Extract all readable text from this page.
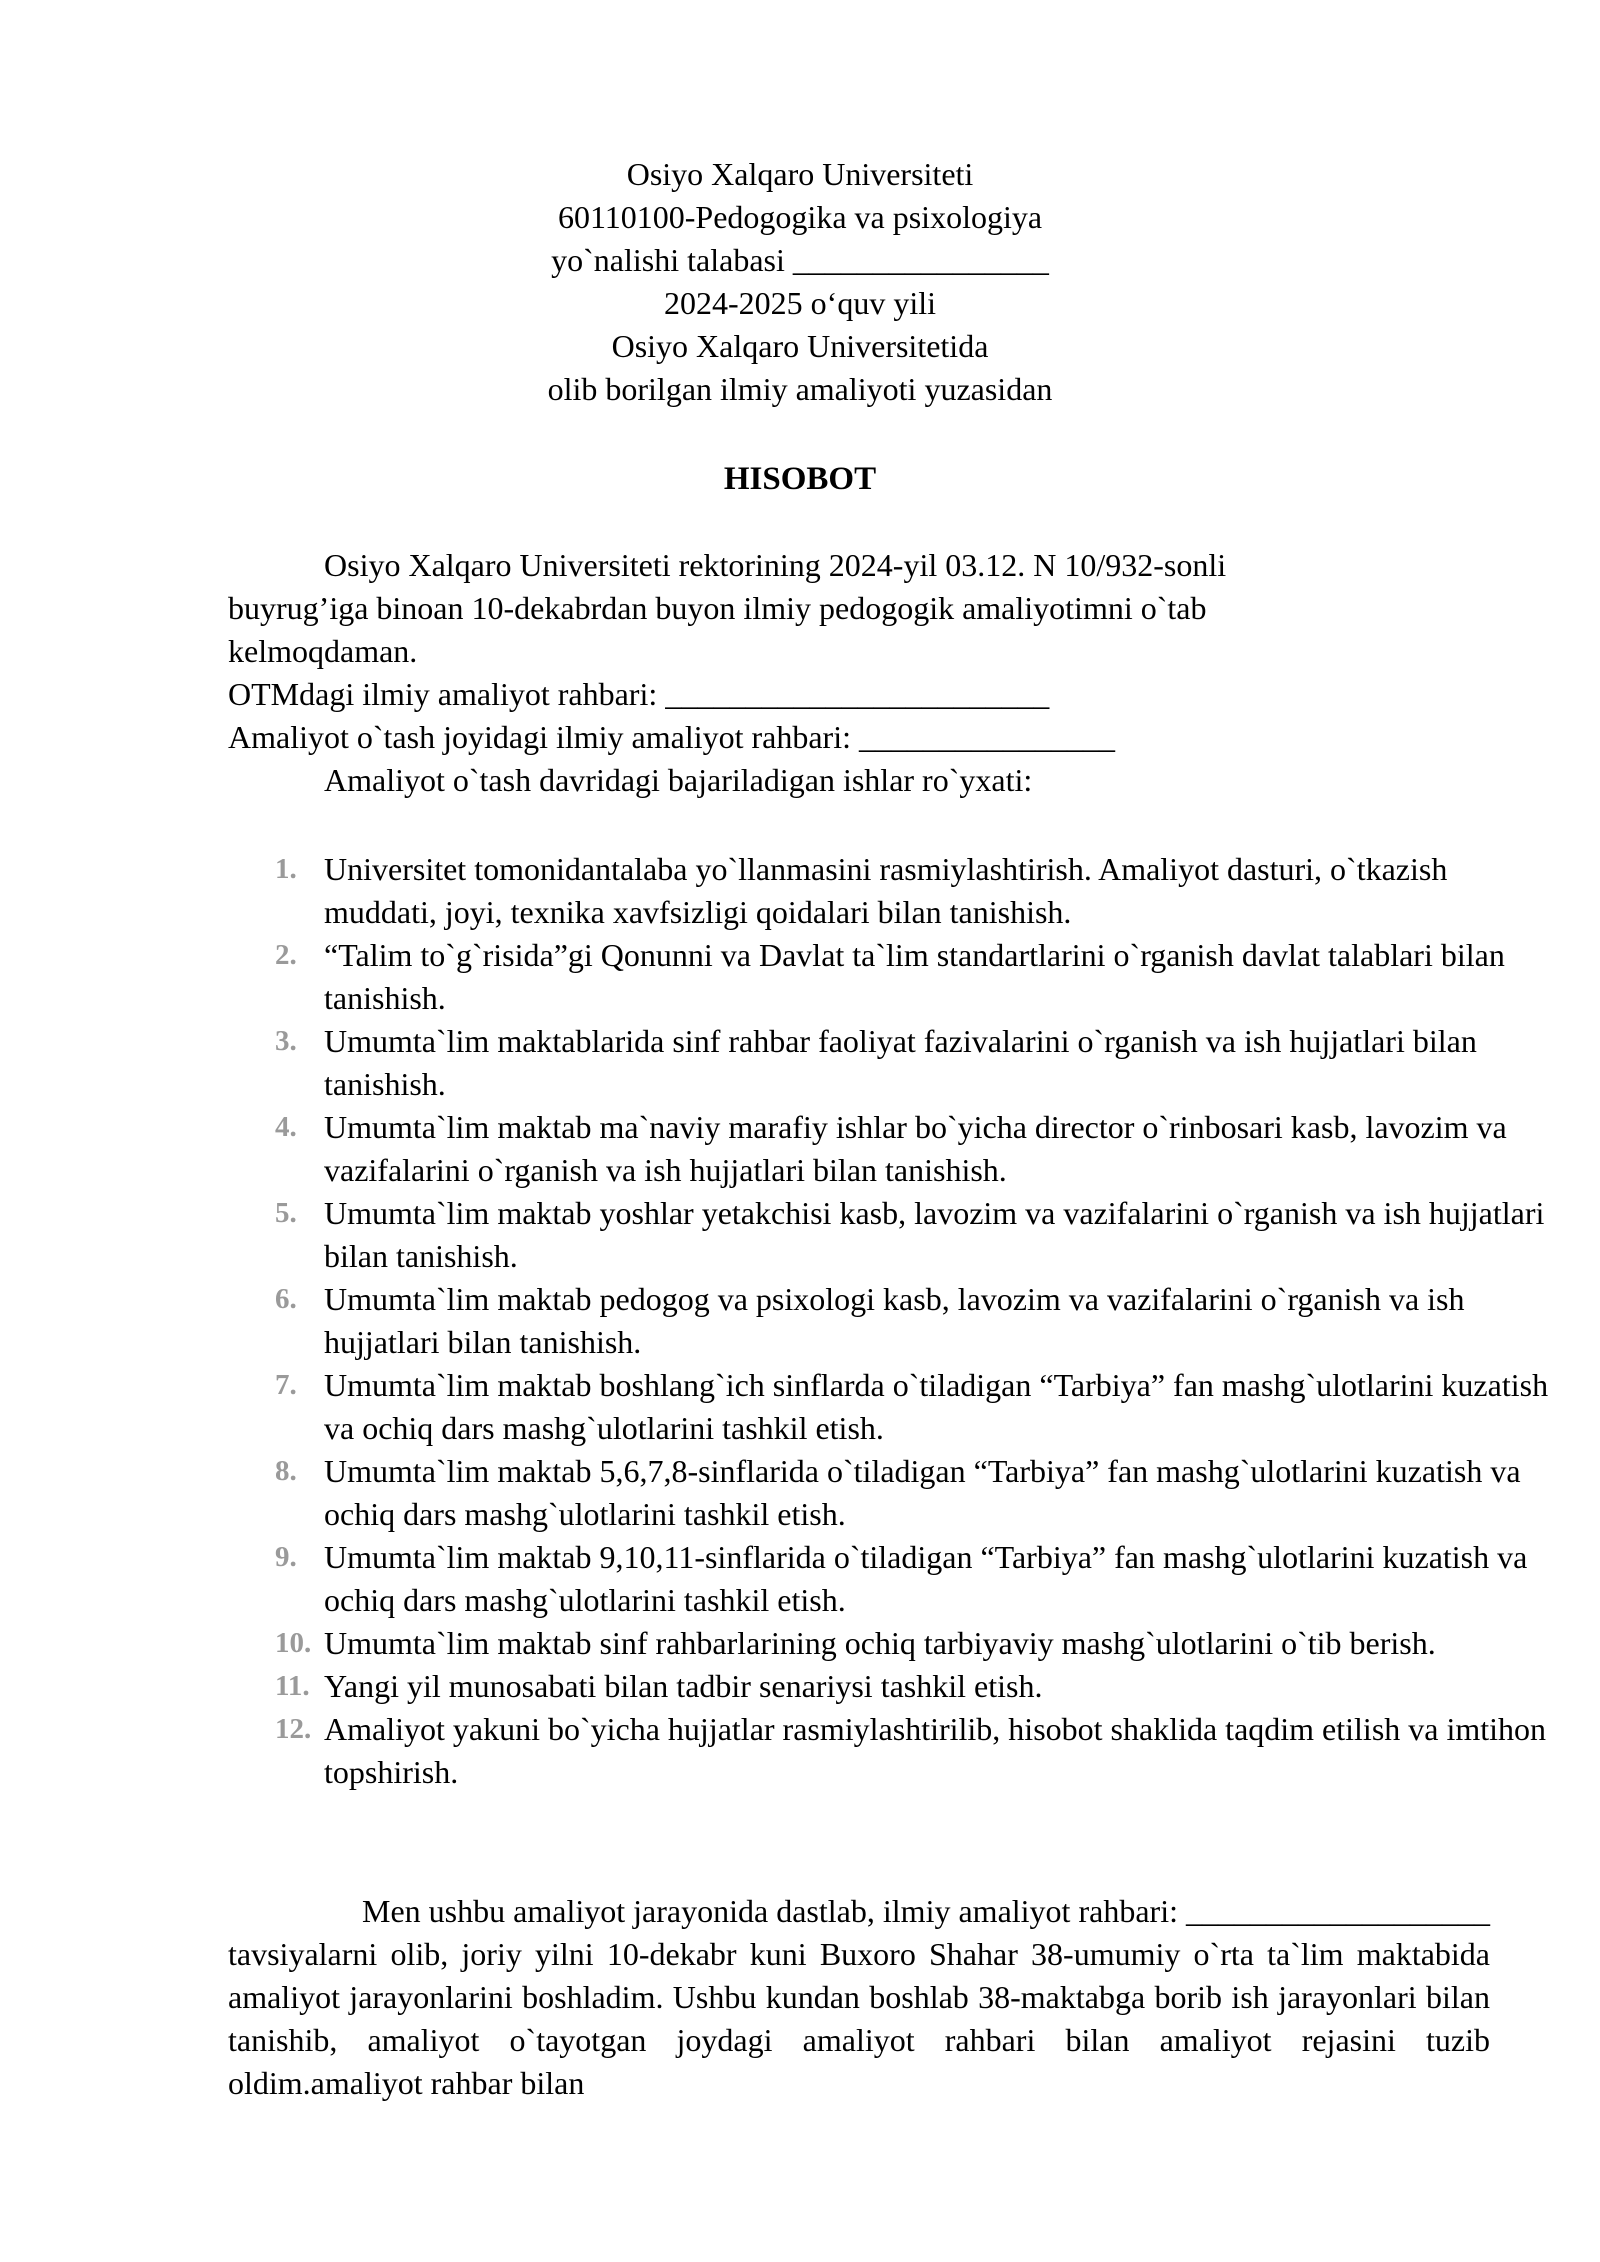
Osiyo Xalqaro Universiteti
60110100-Pedogogika va psixologiya
yo`nalishi talabasi ________________
2024-2025 o‘quv yili
Osiyo Xalqaro Universitetida
olib borilgan ilmiy amaliyoti yuzasidan
HISOBOT
Osiyo Xalqaro Universiteti rektorining 2024-yil 03.12. N 10/932-sonli
buyrug’iga binoan 10-dekabrdan buyon ilmiy pedogogik amaliyotimni o`tab
kelmoqdaman.
OTMdagi ilmiy amaliyot rahbari: ________________________
Amaliyot o`tash joyidagi ilmiy amaliyot rahbari: ________________
Amaliyot o`tash davridagi bajariladigan ishlar ro`yxati:
1. Universitet tomonidantalaba yo`llanmasini rasmiylashtirish. Amaliyot dasturi, o`tkazish muddati, joyi, texnika xavfsizligi qoidalari bilan tanishish.
2. “Talim to`g`risida”gi Qonunni va Davlat ta`lim standartlarini o`rganish davlat talablari bilan tanishish.
3. Umumta`lim maktablarida sinf rahbar faoliyat fazivalarini o`rganish va ish hujjatlari bilan tanishish.
4. Umumta`lim maktab ma`naviy marafiy ishlar bo`yicha director o`rinbosari kasb, lavozim va vazifalarini o`rganish va ish hujjatlari bilan tanishish.
5. Umumta`lim maktab yoshlar yetakchisi kasb, lavozim va vazifalarini o`rganish va ish hujjatlari bilan tanishish.
6. Umumta`lim maktab pedogog va psixologi kasb, lavozim va vazifalarini o`rganish va ish hujjatlari bilan tanishish.
7. Umumta`lim maktab boshlang`ich sinflarda o`tiladigan “Tarbiya” fan mashg`ulotlarini kuzatish va ochiq dars mashg`ulotlarini tashkil etish.
8. Umumta`lim maktab 5,6,7,8-sinflarida o`tiladigan “Tarbiya” fan mashg`ulotlarini kuzatish va ochiq dars mashg`ulotlarini tashkil etish.
9. Umumta`lim maktab 9,10,11-sinflarida o`tiladigan “Tarbiya” fan mashg`ulotlarini kuzatish va ochiq dars mashg`ulotlarini tashkil etish.
10. Umumta`lim maktab sinf rahbarlarining ochiq tarbiyaviy mashg`ulotlarini o`tib berish.
11. Yangi yil munosabati bilan tadbir senariysi tashkil etish.
12. Amaliyot yakuni bo`yicha hujjatlar rasmiylashtirilib, hisobot shaklida taqdim etilish va imtihon topshirish.

Men ushbu amaliyot jarayonida dastlab, ilmiy amaliyot rahbari: ___________________ tavsiyalarni olib, joriy yilni 10-dekabr kuni Buxoro Shahar 38-umumiy o`rta ta`lim maktabida amaliyot jarayonlarini boshladim. Ushbu kundan boshlab 38-maktabga borib ish jarayonlari bilan tanishib, amaliyot o`tayotgan joydagi amaliyot rahbari bilan amaliyot rejasini tuzib oldim.amaliyot rahbar bilan
